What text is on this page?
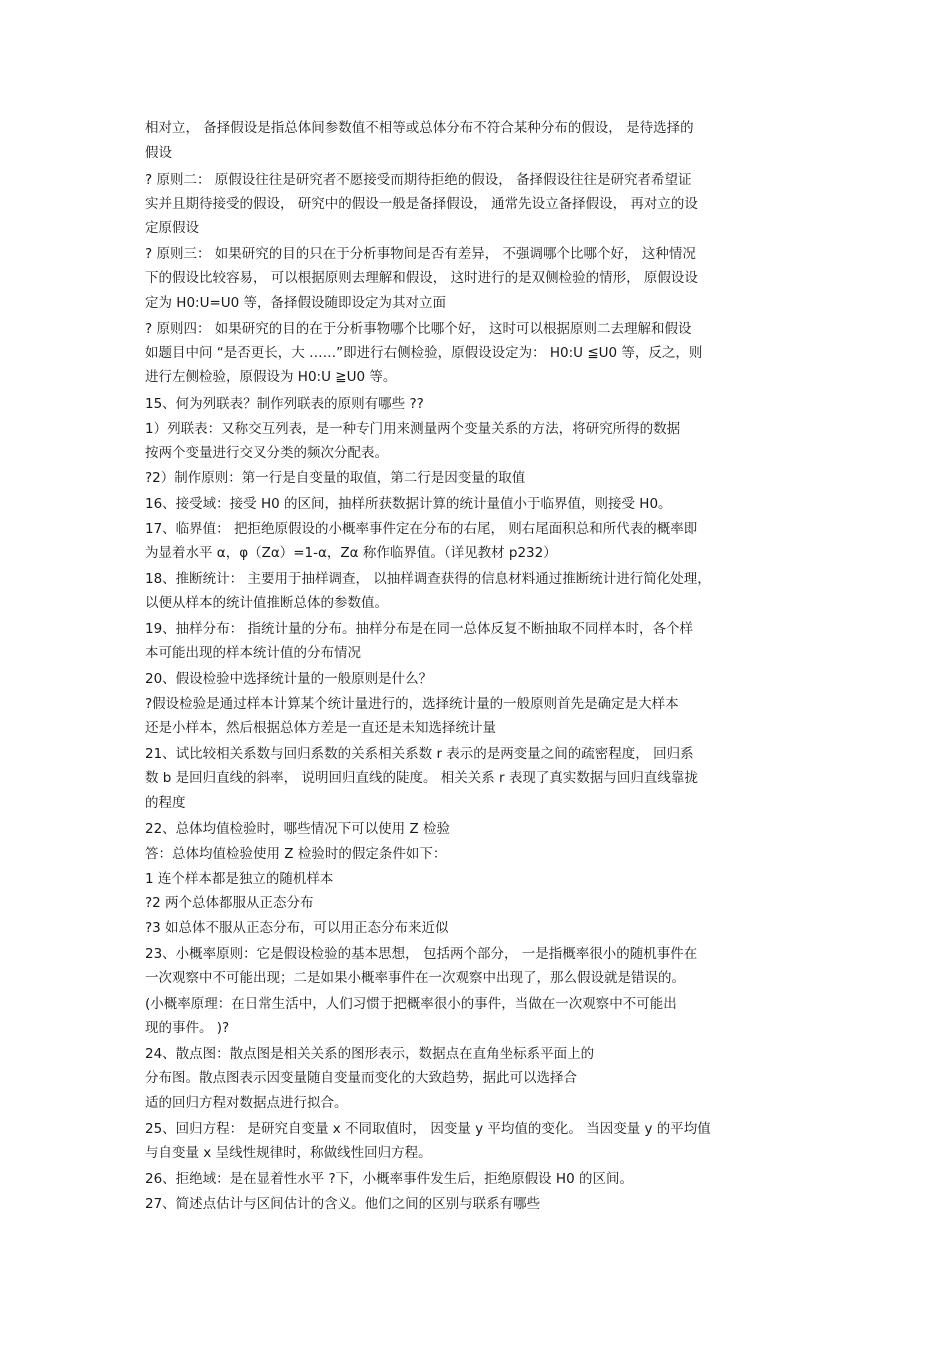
相对立， 备择假设是指总体间参数值不相等或总体分布不符合某种分布的假设， 是待选择的
假设
? 原则二： 原假设往往是研究者不愿接受而期待拒绝的假设， 备择假设往往是研究者希望证
实并且期待接受的假设， 研究中的假设一般是备择假设， 通常先设立备择假设， 再对立的设
定原假设
? 原则三： 如果研究的目的只在于分析事物间是否有差异， 不强调哪个比哪个好， 这种情况
下的假设比较容易， 可以根据原则去理解和假设， 这时进行的是双侧检验的情形， 原假设设
定为 H0:U=U0 等，备择假设随即设定为其对立面
? 原则四： 如果研究的目的在于分析事物哪个比哪个好， 这时可以根据原则二去理解和假设
如题目中问 “是否更长，大 ……”即进行右侧检验，原假设设定为： H0:U ≦U0 等，反之，则
进行左侧检验，原假设为 H0:U ≧U0 等。
15、何为列联表？制作列联表的原则有哪些 ??
1）列联表：又称交互列表，是一种专门用来测量两个变量关系的方法，将研究所得的数据
按两个变量进行交叉分类的频次分配表。
?2）制作原则：第一行是自变量的取值，第二行是因变量的取值
16、接受域：接受 H0 的区间，抽样所获数据计算的统计量值小于临界值，则接受 H0。
17、临界值： 把拒绝原假设的小概率事件定在分布的右尾， 则右尾面积总和所代表的概率即
为显着水平 α，φ（Zα）=1-α，Zα 称作临界值。（详见教材 p232）
18、推断统计： 主要用于抽样调查， 以抽样调查获得的信息材料通过推断统计进行简化处理，
以便从样本的统计值推断总体的参数值。
19、抽样分布： 指统计量的分布。抽样分布是在同一总体反复不断抽取不同样本时，各个样
本可能出现的样本统计值的分布情况
20、假设检验中选择统计量的一般原则是什么？
?假设检验是通过样本计算某个统计量进行的，选择统计量的一般原则首先是确定是大样本
还是小样本，然后根据总体方差是一直还是未知选择统计量
21、试比较相关系数与回归系数的关系相关系数 r 表示的是两变量之间的疏密程度， 回归系
数 b 是回归直线的斜率， 说明回归直线的陡度。 相关关系 r 表现了真实数据与回归直线靠拢
的程度
22、总体均值检验时，哪些情况下可以使用 Z 检验
答：总体均值检验使用 Z 检验时的假定条件如下：
1 连个样本都是独立的随机样本
?2 两个总体都服从正态分布
?3 如总体不服从正态分布，可以用正态分布来近似
23、小概率原则：它是假设检验的基本思想， 包括两个部分， 一是指概率很小的随机事件在
一次观察中不可能出现；二是如果小概率事件在一次观察中出现了，那么假设就是错误的。
(小概率原理：在日常生活中，人们习惯于把概率很小的事件，当做在一次观察中不可能出
现的事件。 )?
24、散点图：散点图是相关关系的图形表示，数据点在直角坐标系平面上的
分布图。散点图表示因变量随自变量而变化的大致趋势，据此可以选择合
适的回归方程对数据点进行拟合。
25、回归方程： 是研究自变量 x 不同取值时， 因变量 y 平均值的变化。 当因变量 y 的平均值
与自变量 x 呈线性规律时，称做线性回归方程。
26、拒绝域：是在显着性水平 ?下，小概率事件发生后，拒绝原假设 H0 的区间。
27、简述点估计与区间估计的含义。他们之间的区别与联系有哪些
